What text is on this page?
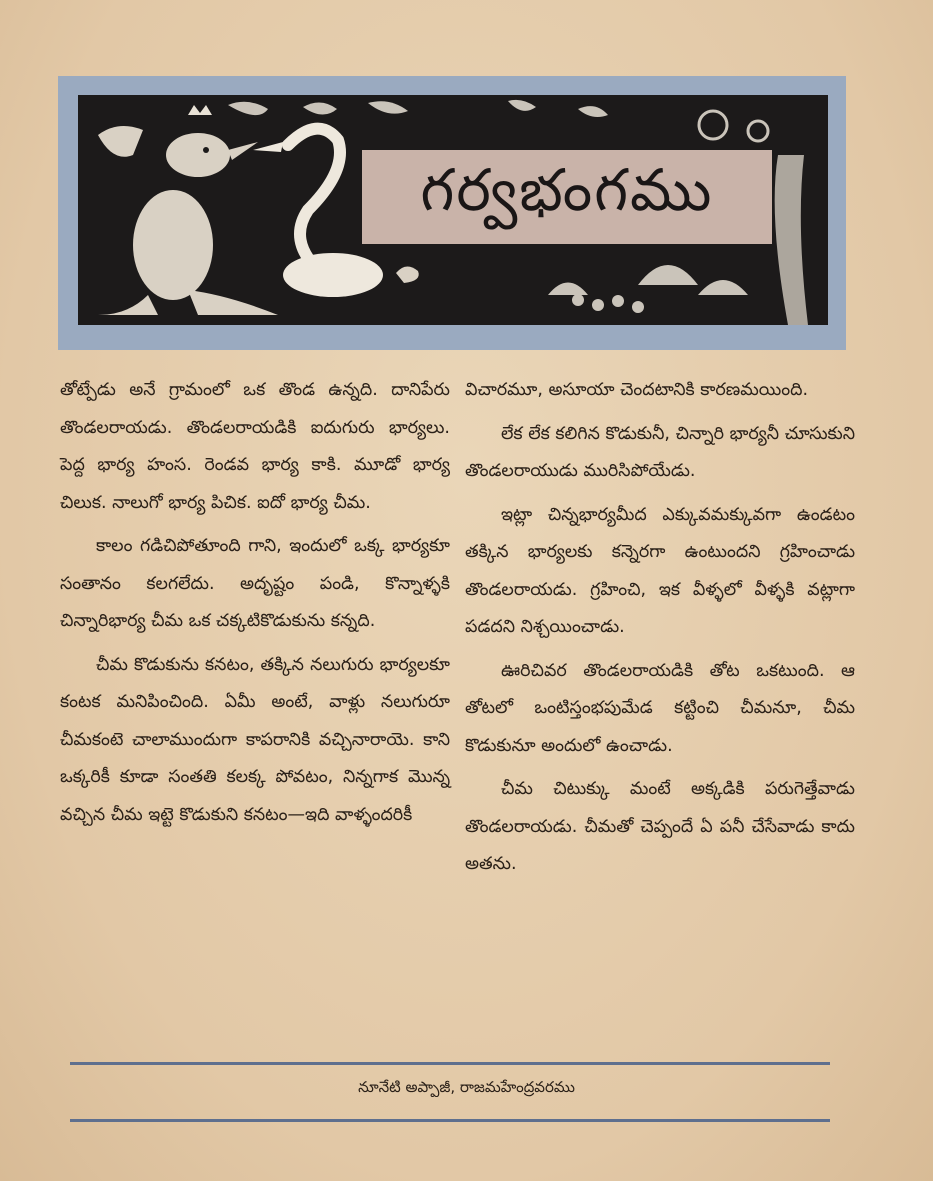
గర్వభంగము

తోట్పేడు అనే గ్రామంలో ఒక తొండ ఉన్నది. దానిపేరు తొండలరాయడు. తొండలరాయడికి ఐదుగురు భార్యలు. పెద్ద భార్య హంస. రెండవ భార్య కాకి. మూడో భార్య చిలుక. నాలుగో భార్య పిచిక. ఐదో భార్య చీమ.

కాలం గడిచిపోతూంది గాని, ఇందులో ఒక్క భార్యకూ సంతానం కలగలేదు. అదృష్టం పండి, కొన్నాళ్ళకి చిన్నారిభార్య చీమ ఒక చక్కటికొడుకును కన్నది.

చీమ కొడుకును కనటం, తక్కిన నలుగురు భార్యలకూ కంటక మనిపించింది. ఏమీ అంటే, వాళ్లు నలుగురూ చీమకంటె చాలాముందుగా కాపరానికి వచ్చినారాయె. కాని ఒక్కరికీ కూడా సంతతి కలక్క పోవటం, నిన్నగాక మొన్న వచ్చిన చీమ ఇట్టె కొడుకుని కనటం—ఇది వాళ్ళందరికీ

విచారమూ, అసూయా చెందటానికి కారణమయింది.

లేక లేక కలిగిన కొడుకునీ, చిన్నారి భార్యనీ చూసుకుని తొండలరాయుడు మురిసిపోయేడు.

ఇట్లా చిన్నభార్యమీద ఎక్కువమక్కువగా ఉండటం తక్కిన భార్యలకు కన్నెరగా ఉంటుందని గ్రహించాడు తొండలరాయడు. గ్రహించి, ఇక వీళ్ళలో వీళ్ళకి వట్లాగా పడదని నిశ్చయించాడు.

ఊరిచివర తొండలరాయడికి తోట ఒకటుంది. ఆ తోటలో ఒంటిస్తంభపుమేడ కట్టించి చీమనూ, చీమ కొడుకునూ అందులో ఉంచాడు.

చీమ చిటుక్కు మంటే అక్కడికి పరుగెత్తేవాడు తొండలరాయడు. చీమతో చెప్పందే ఏ పనీ చేసేవాడు కాదు అతను.

నూనేటి అప్పాజీ, రాజమహేంద్రవరము
